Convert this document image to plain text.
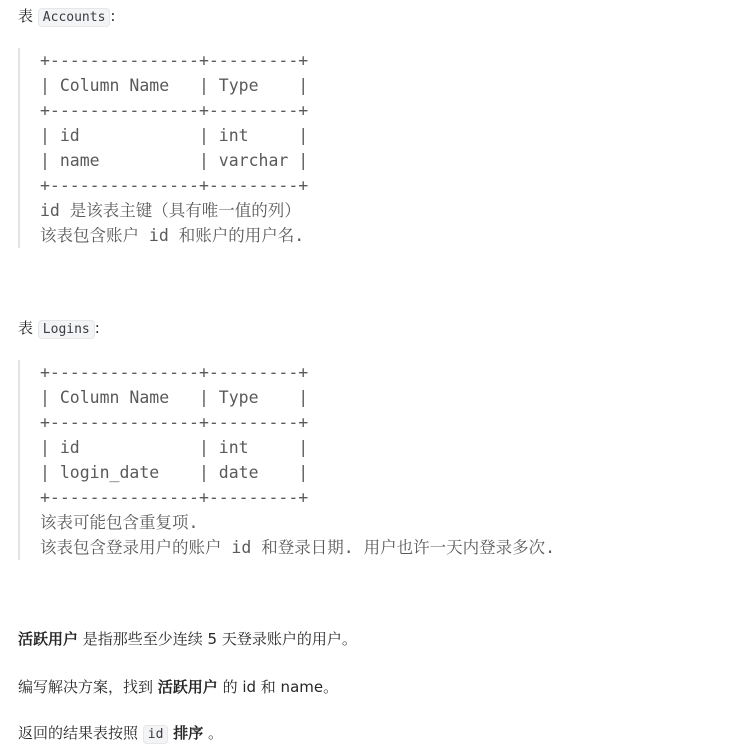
表 Accounts :
+---------------+---------+
| Column Name   | Type    |
+---------------+---------+
| id            | int     |
| name          | varchar |
+---------------+---------+
id 是该表主键（具有唯一值的列）
该表包含账户 id 和账户的用户名.
表 Logins :
+---------------+---------+
| Column Name   | Type    |
+---------------+---------+
| id            | int     |
| login_date    | date    |
+---------------+---------+
该表可能包含重复项.
该表包含登录用户的账户 id 和登录日期. 用户也许一天内登录多次.
活跃用户 是指那些至少连续 5 天登录账户的用户。
编写解决方案，找到 活跃用户 的 id 和 name。
返回的结果表按照 id 排序 。
